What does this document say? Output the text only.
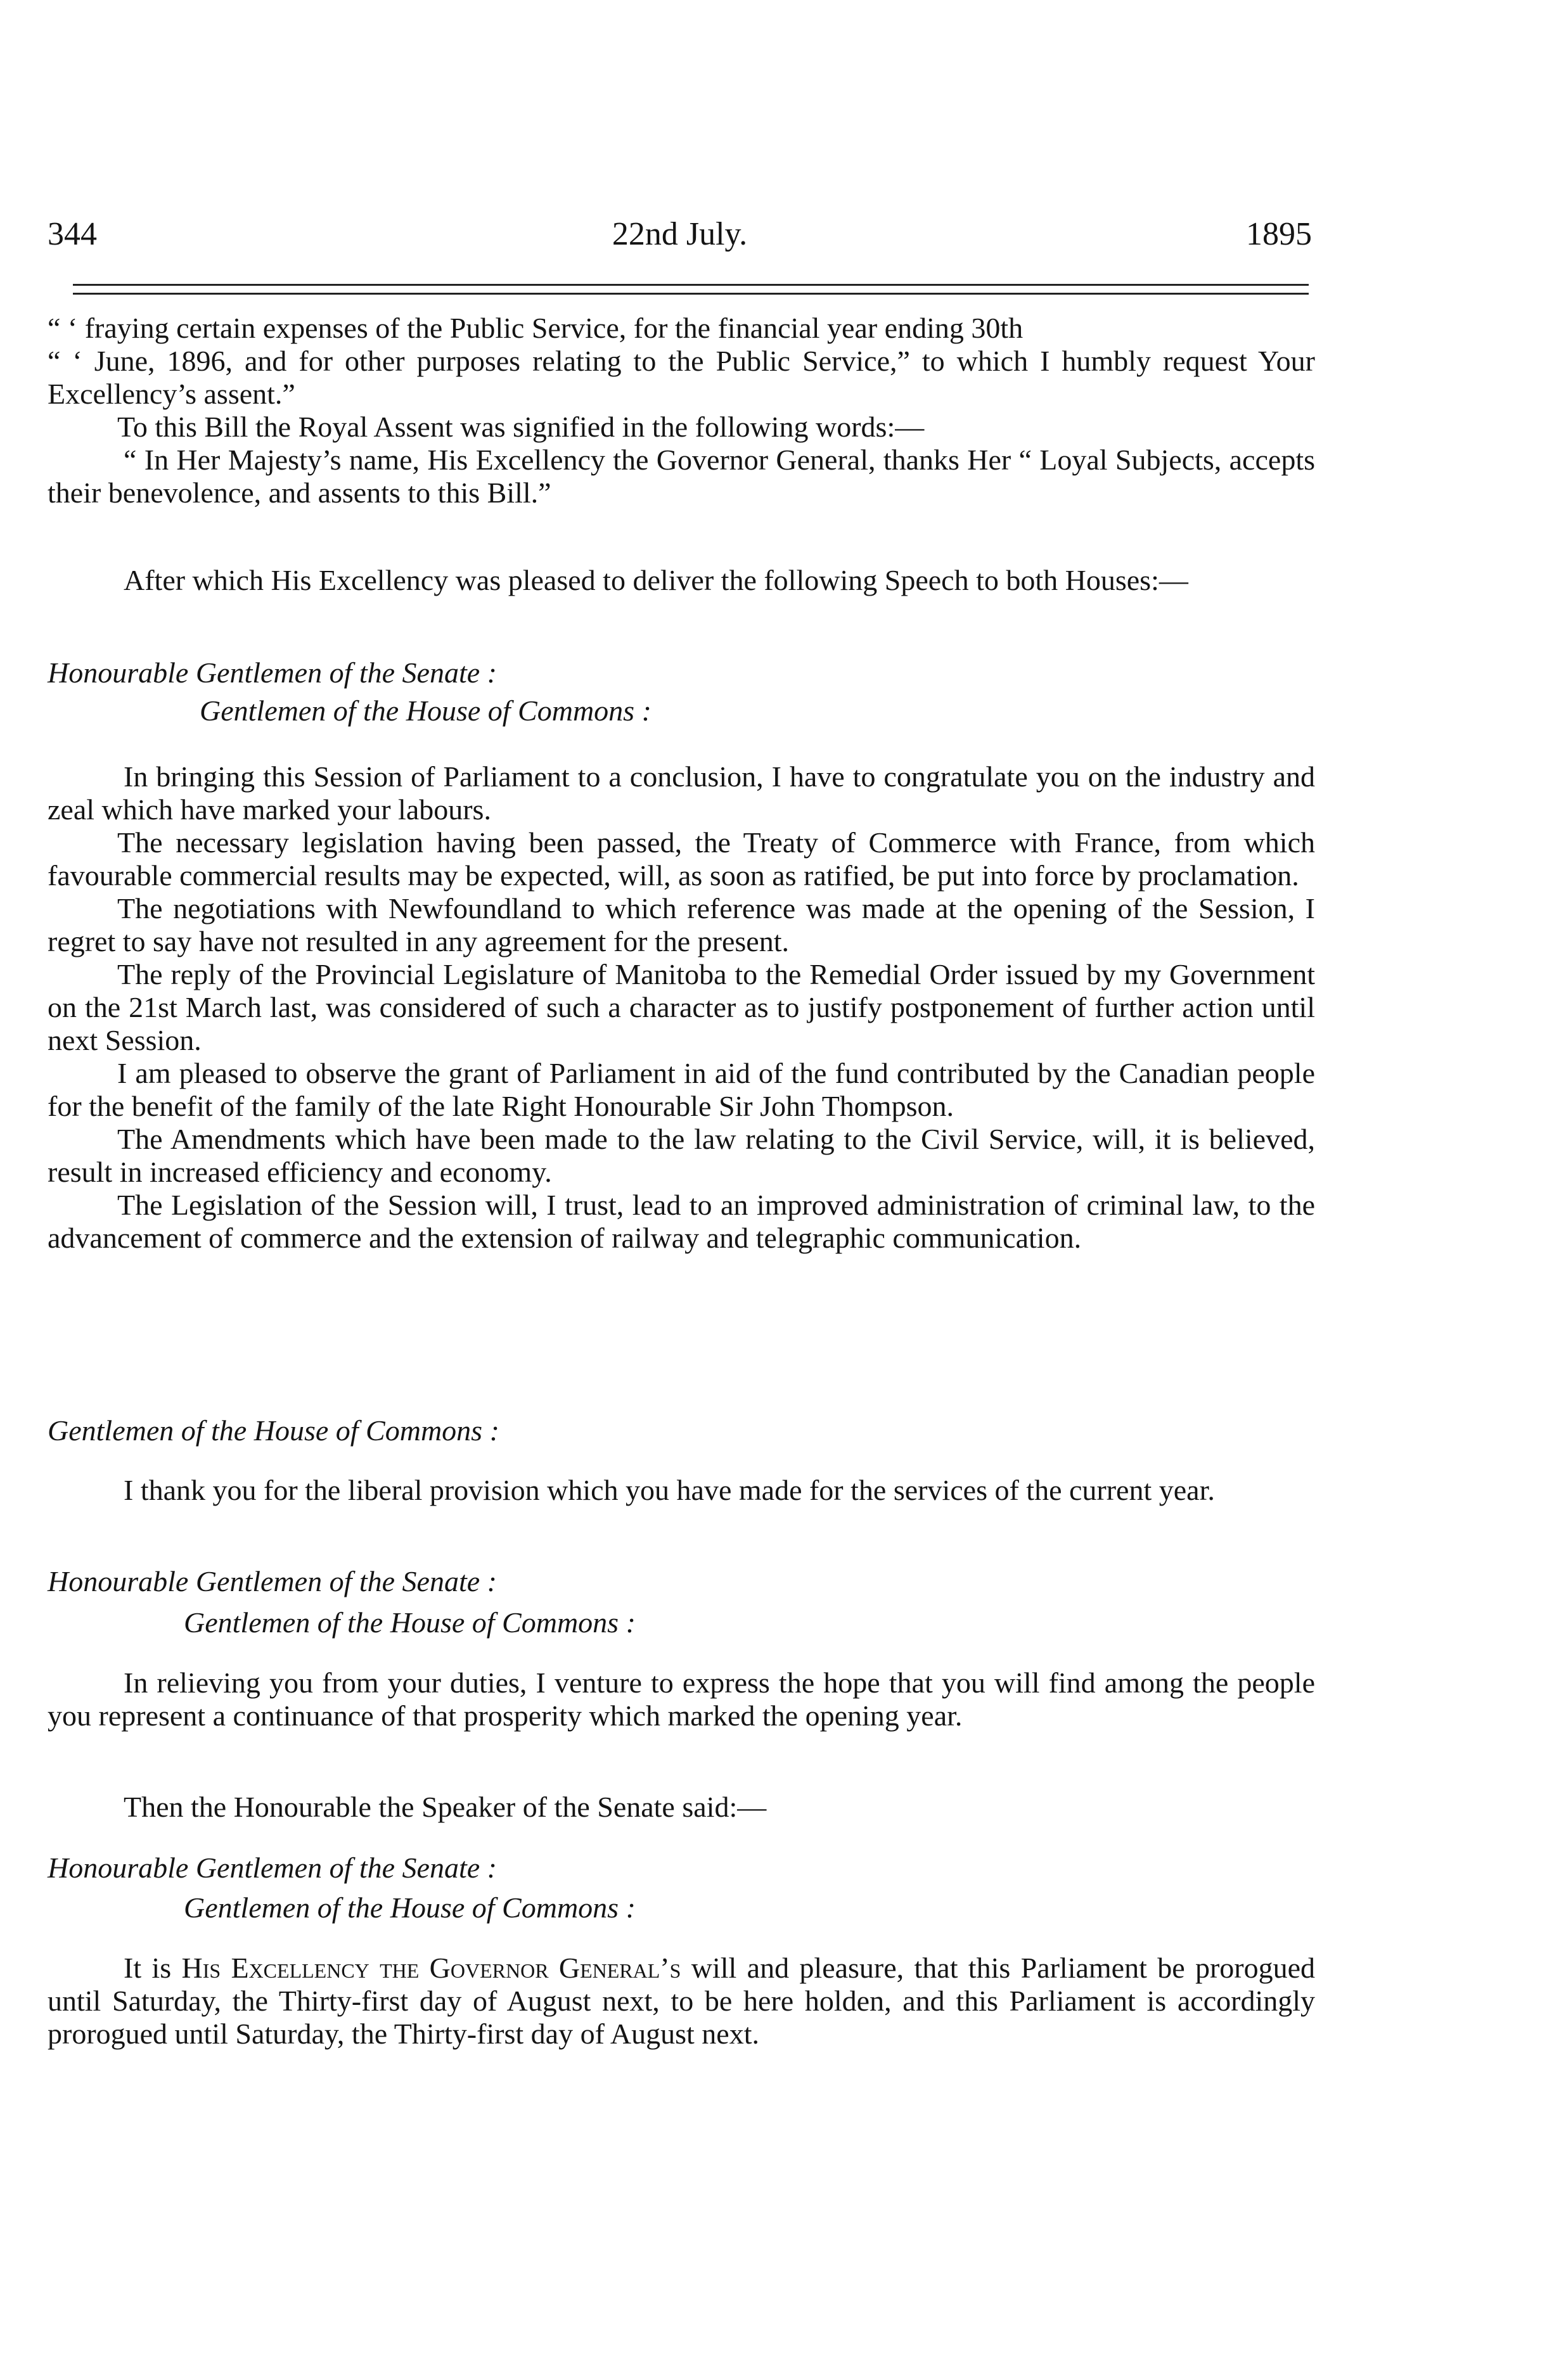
344	22nd July.	1895

“ ‘ fraying certain expenses of the Public Service, for the financial year ending 30th

“ ‘ June, 1896, and for other purposes relating to the Public Service,” to which I humbly request Your Excellency’s assent.”

To this Bill the Royal Assent was signified in the following words:—

“ In Her Majesty’s name, His Excellency the Governor General, thanks Her “ Loyal Subjects, accepts their benevolence, and assents to this Bill.”

After which His Excellency was pleased to deliver the following Speech to both Houses:—

Honourable Gentlemen of the Senate :
Gentlemen of the House of Commons :

In bringing this Session of Parliament to a conclusion, I have to congratulate you on the industry and zeal which have marked your labours.

The necessary legislation having been passed, the Treaty of Commerce with France, from which favourable commercial results may be expected, will, as soon as ratified, be put into force by proclamation.

The negotiations with Newfoundland to which reference was made at the opening of the Session, I regret to say have not resulted in any agreement for the present.

The reply of the Provincial Legislature of Manitoba to the Remedial Order issued by my Government on the 21st March last, was considered of such a character as to justify postponement of further action until next Session.

I am pleased to observe the grant of Parliament in aid of the fund contributed by the Canadian people for the benefit of the family of the late Right Honourable Sir John Thompson.

The Amendments which have been made to the law relating to the Civil Service, will, it is believed, result in increased efficiency and economy.

The Legislation of the Session will, I trust, lead to an improved administration of criminal law, to the advancement of commerce and the extension of railway and telegraphic communication.

Gentlemen of the House of Commons :

I thank you for the liberal provision which you have made for the services of the current year.

Honourable Gentlemen of the Senate :
Gentlemen of the House of Commons :

In relieving you from your duties, I venture to express the hope that you will find among the people you represent a continuance of that prosperity which marked the opening year.

Then the Honourable the Speaker of the Senate said:—

Honourable Gentlemen of the Senate :
Gentlemen of the House of Commons :

It is His Excellency the Governor General’s will and pleasure, that this Parliament be prorogued until Saturday, the Thirty-first day of August next, to be here holden, and this Parliament is accordingly prorogued until Saturday, the Thirty-first day of August next.
